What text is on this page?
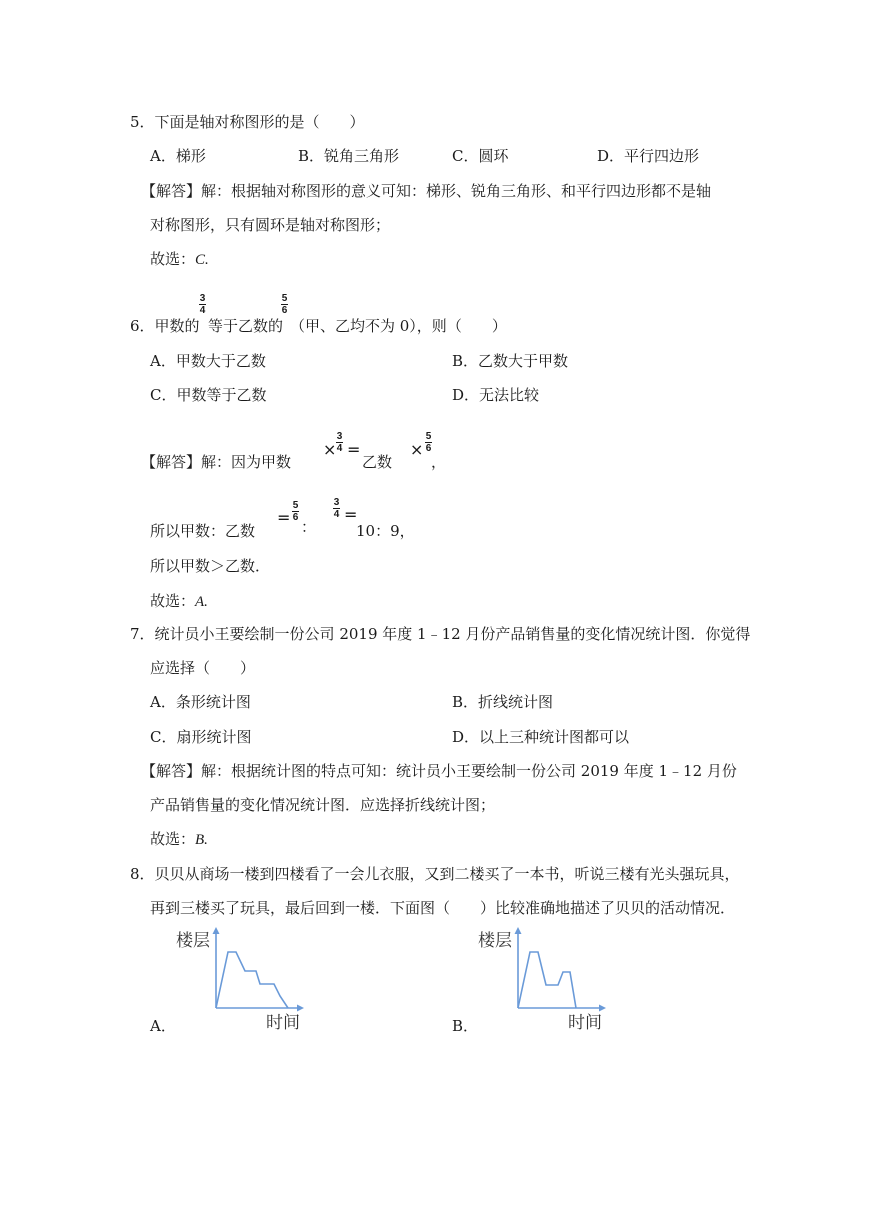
5．下面是轴对称图形的是（　　）
A．梯形	B．锐角三角形	C．圆环	D．平行四边形
【解答】解：根据轴对称图形的意义可知：梯形、锐角三角形、和平行四边形都不是轴
对称图形，只有圆环是轴对称图形；
故选：C.
6．甲数的
3
4
等于乙数的
5
6
（甲、乙均不为 0），则（　　）
A．甲数大于乙数	B．乙数大于甲数
C．甲数等于乙数	D．无法比较
【解答】解：因为甲数
×
3
4 =
乙数
×
5
6
，
所以甲数：乙数
=
5
6
：
3
4 =
10：9，
所以甲数＞乙数．
故选：A.
7．统计员小王要绘制一份公司 2019 年度 1﹣12 月份产品销售量的变化情况统计图．你觉得
应选择（　　）
A．条形统计图	B．折线统计图
C．扇形统计图	D．以上三种统计图都可以
【解答】解：根据统计图的特点可知：统计员小王要绘制一份公司 2019 年度 1﹣12 月份
产品销售量的变化情况统计图．应选择折线统计图；
故选：B.
8．贝贝从商场一楼到四楼看了一会儿衣服，又到二楼买了一本书，听说三楼有光头强玩具，
再到三楼买了玩具，最后回到一楼．下面图（　　）比较准确地描述了贝贝的活动情况．
A．
楼层
时间	B．
楼层
时间
